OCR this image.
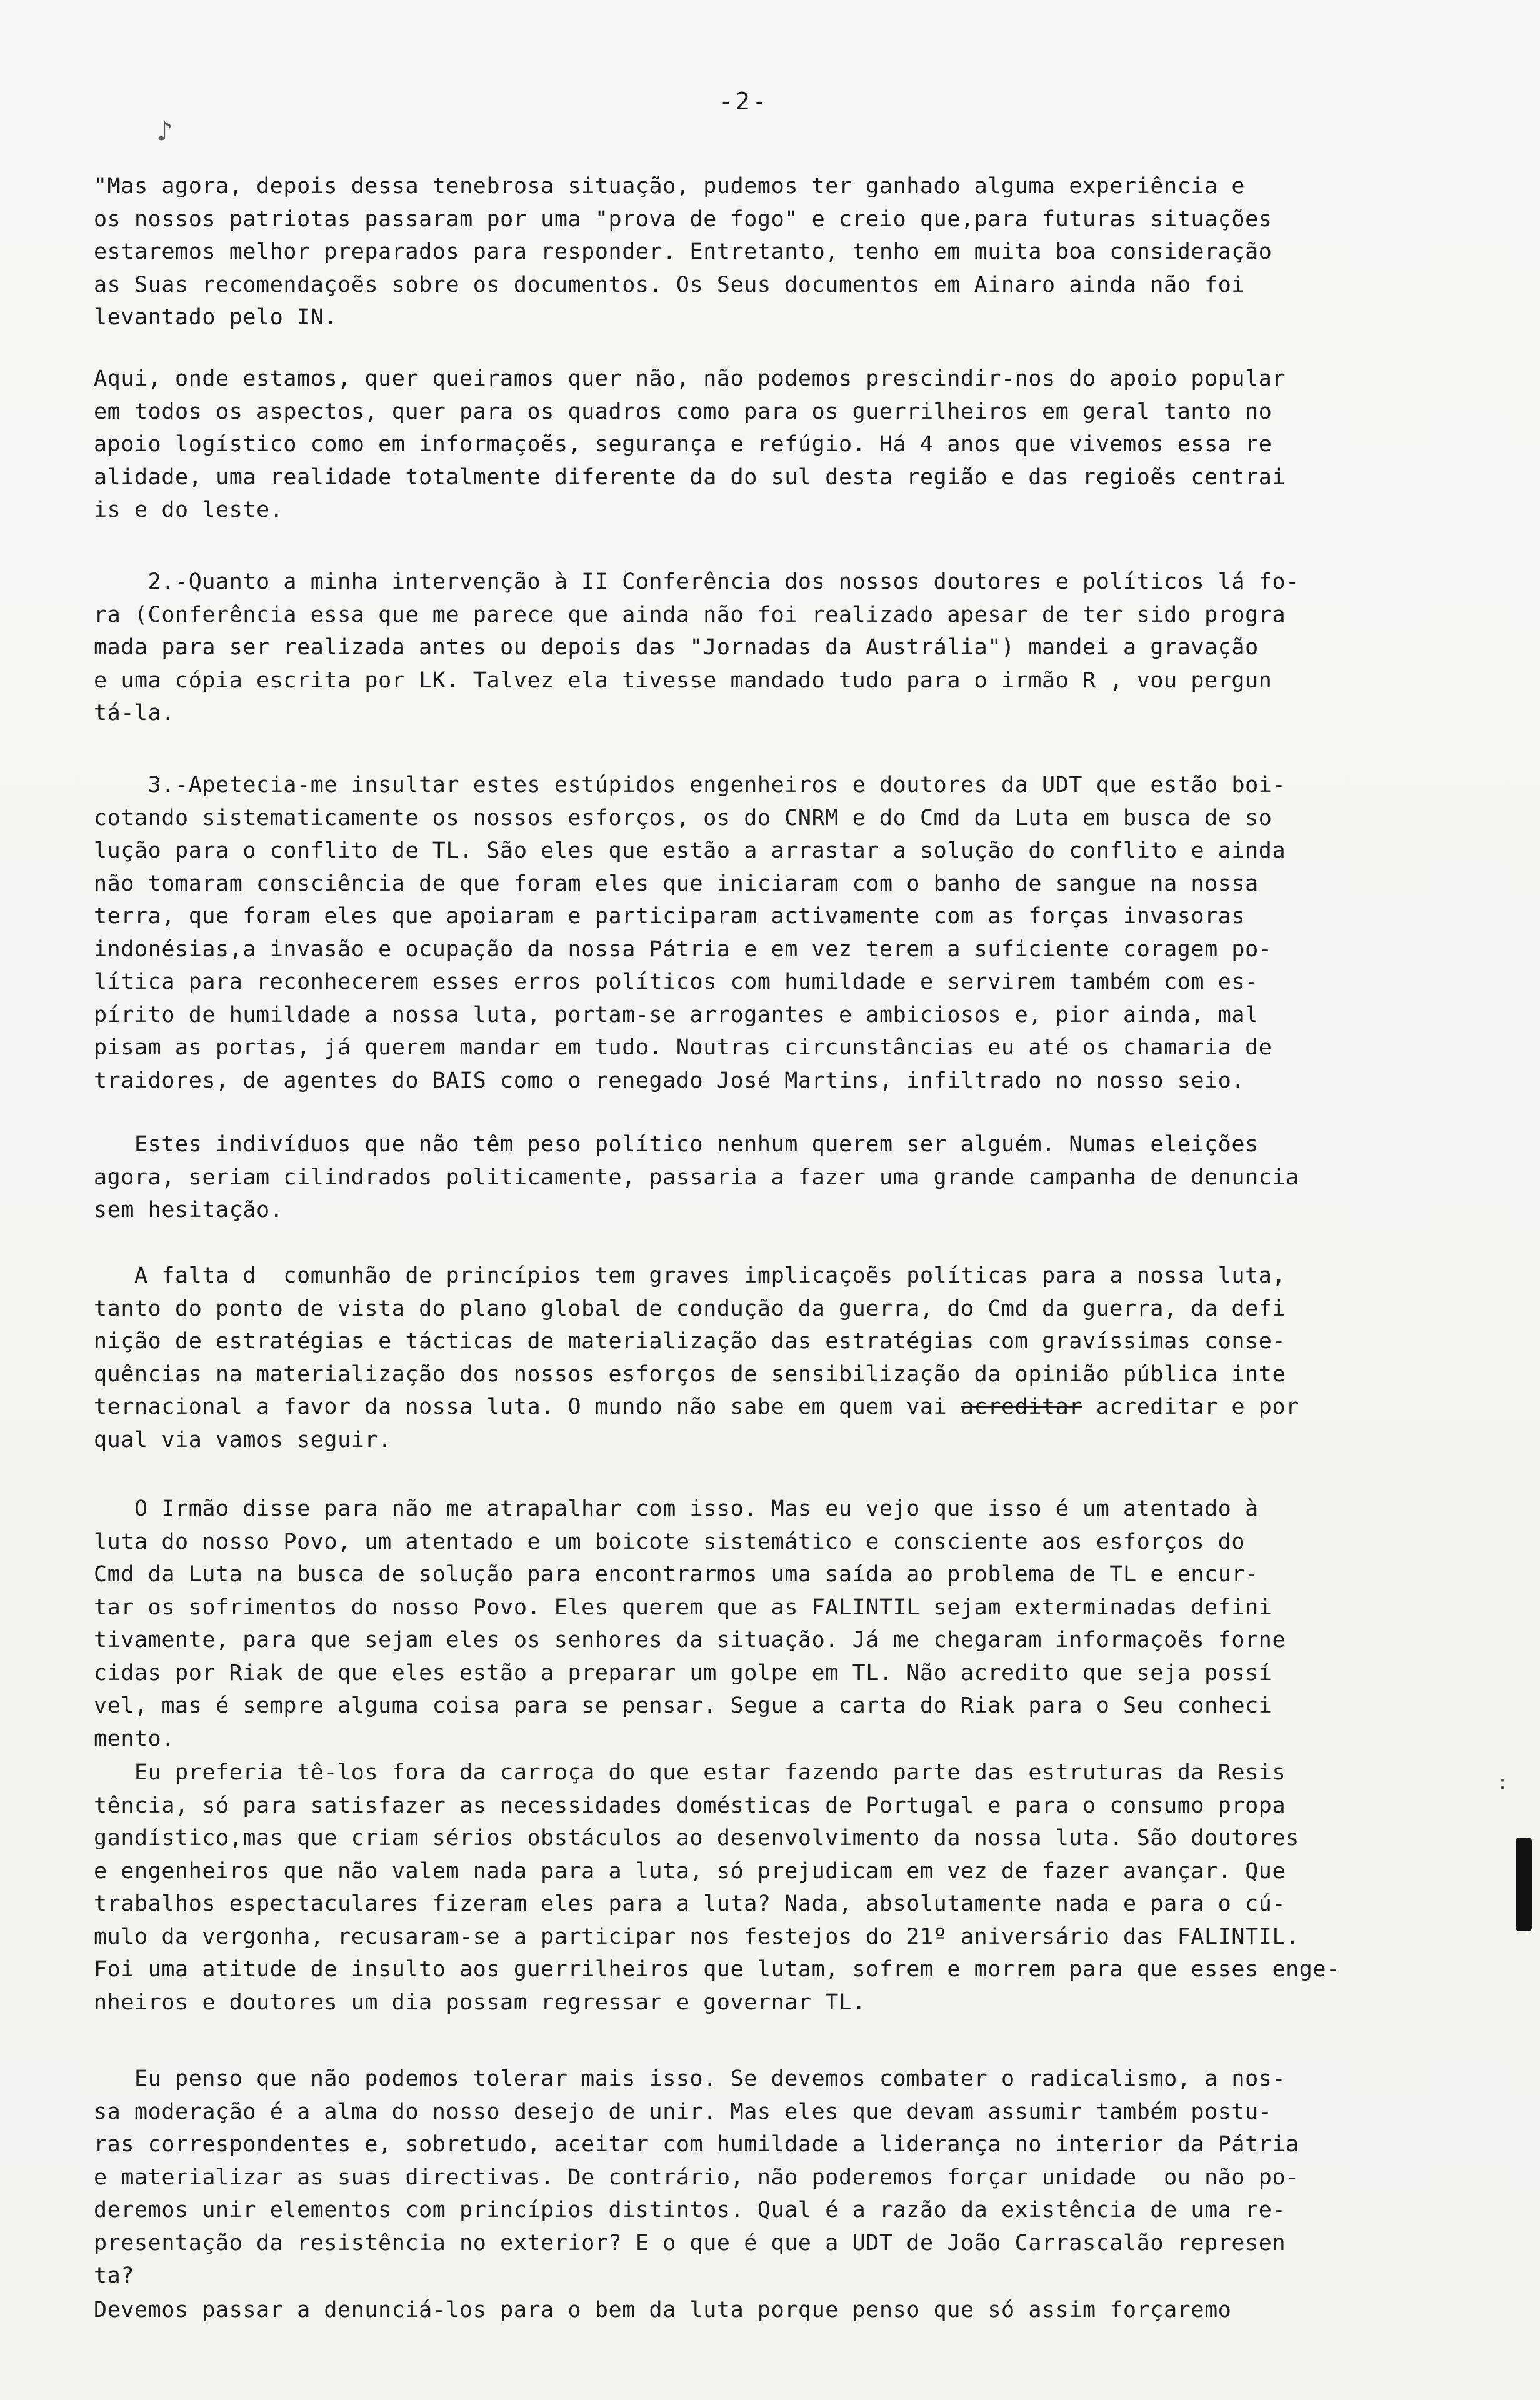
-2-
♪
:
"Mas agora, depois dessa tenebrosa situação, pudemos ter ganhado alguma experiência e
os nossos patriotas passaram por uma "prova de fogo" e creio que,para futuras situações
estaremos melhor preparados para responder. Entretanto, tenho em muita boa consideração
as Suas recomendaçoẽs sobre os documentos. Os Seus documentos em Ainaro ainda não foi
levantado pelo IN.
Aqui, onde estamos, quer queiramos quer não, não podemos prescindir-nos do apoio popular
em todos os aspectos, quer para os quadros como para os guerrilheiros em geral tanto no
apoio logístico como em informaçoẽs, segurança e refúgio. Há 4 anos que vivemos essa re
alidade, uma realidade totalmente diferente da do sul desta região e das regioẽs centrai
is e do leste.
2.-Quanto a minha intervenção à II Conferência dos nossos doutores e políticos lá fo-
ra (Conferência essa que me parece que ainda não foi realizado apesar de ter sido progra
mada para ser realizada antes ou depois das "Jornadas da Austrália") mandei a gravação
e uma cópia escrita por LK. Talvez ela tivesse mandado tudo para o irmão R , vou pergun
tá-la.
3.-Apetecia-me insultar estes estúpidos engenheiros e doutores da UDT que estão boi-
cotando sistematicamente os nossos esforços, os do CNRM e do Cmd da Luta em busca de so
lução para o conflito de TL. São eles que estão a arrastar a solução do conflito e ainda
não tomaram consciência de que foram eles que iniciaram com o banho de sangue na nossa
terra, que foram eles que apoiaram e participaram activamente com as forças invasoras
indonésias,a invasão e ocupação da nossa Pátria e em vez terem a suficiente coragem po-
lítica para reconhecerem esses erros políticos com humildade e servirem também com es-
pírito de humildade a nossa luta, portam-se arrogantes e ambiciosos e, pior ainda, mal
pisam as portas, já querem mandar em tudo. Noutras circunstâncias eu até os chamaria de
traidores, de agentes do BAIS como o renegado José Martins, infiltrado no nosso seio.
Estes indivíduos que não têm peso político nenhum querem ser alguém. Numas eleições
agora, seriam cilindrados politicamente, passaria a fazer uma grande campanha de denuncia
sem hesitação.
A falta d  comunhão de princípios tem graves implicaçoẽs políticas para a nossa luta,
tanto do ponto de vista do plano global de condução da guerra, do Cmd da guerra, da defi
nição de estratégias e tácticas de materialização das estratégias com gravíssimas conse-
quências na materialização dos nossos esforços de sensibilização da opinião pública inte
ternacional a favor da nossa luta. O mundo não sabe em quem vai acreditar acreditar e por
qual via vamos seguir.
O Irmão disse para não me atrapalhar com isso. Mas eu vejo que isso é um atentado à
luta do nosso Povo, um atentado e um boicote sistemático e consciente aos esforços do
Cmd da Luta na busca de solução para encontrarmos uma saída ao problema de TL e encur-
tar os sofrimentos do nosso Povo. Eles querem que as FALINTIL sejam exterminadas defini
tivamente, para que sejam eles os senhores da situação. Já me chegaram informaçoẽs forne
cidas por Riak de que eles estão a preparar um golpe em TL. Não acredito que seja possí
vel, mas é sempre alguma coisa para se pensar. Segue a carta do Riak para o Seu conheci
mento.
Eu preferia tê-los fora da carroça do que estar fazendo parte das estruturas da Resis
tência, só para satisfazer as necessidades domésticas de Portugal e para o consumo propa
gandístico,mas que criam sérios obstáculos ao desenvolvimento da nossa luta. São doutores
e engenheiros que não valem nada para a luta, só prejudicam em vez de fazer avançar. Que
trabalhos espectaculares fizeram eles para a luta? Nada, absolutamente nada e para o cú-
mulo da vergonha, recusaram-se a participar nos festejos do 21º aniversário das FALINTIL.
Foi uma atitude de insulto aos guerrilheiros que lutam, sofrem e morrem para que esses enge-
nheiros e doutores um dia possam regressar e governar TL.
Eu penso que não podemos tolerar mais isso. Se devemos combater o radicalismo, a nos-
sa moderação é a alma do nosso desejo de unir. Mas eles que devam assumir também postu-
ras correspondentes e, sobretudo, aceitar com humildade a liderança no interior da Pátria
e materializar as suas directivas. De contrário, não poderemos forçar unidade  ou não po-
deremos unir elementos com princípios distintos. Qual é a razão da existência de uma re-
presentação da resistência no exterior? E o que é que a UDT de João Carrascalão represen
ta?
Devemos passar a denunciá-los para o bem da luta porque penso que só assim forçaremo
